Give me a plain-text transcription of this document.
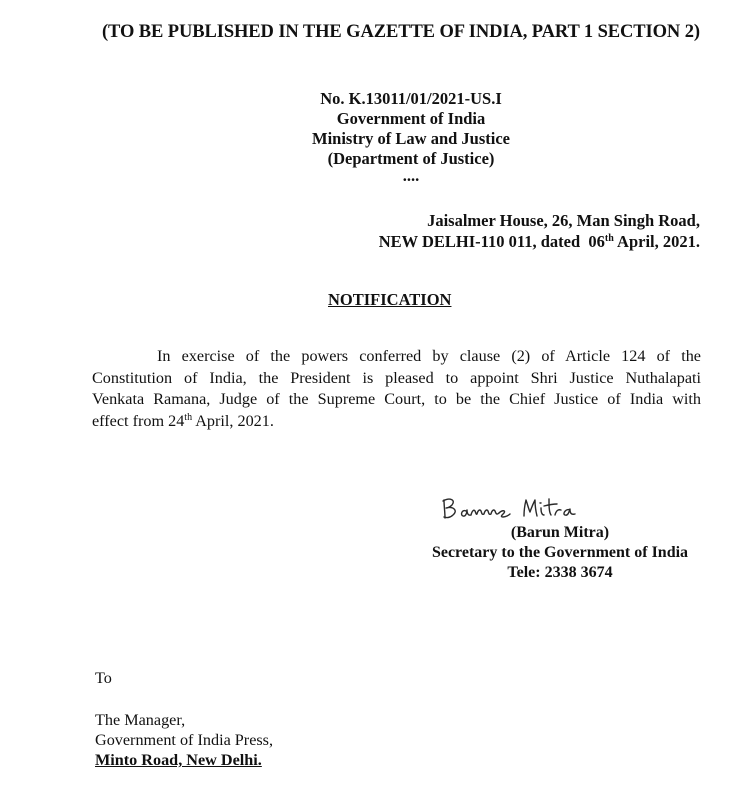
(TO BE PUBLISHED IN THE GAZETTE OF INDIA, PART 1 SECTION 2)
No. K.13011/01/2021-US.I
Government of India
Ministry of Law and Justice
(Department of Justice)
....
Jaisalmer House, 26, Man Singh Road,
NEW DELHI-110 011, dated  06th April, 2021.
NOTIFICATION
In exercise of the powers conferred by clause (2) of Article 124 of the
Constitution of India, the President is pleased to appoint Shri Justice Nuthalapati
Venkata Ramana, Judge of the Supreme Court, to be the Chief Justice of India with
effect from 24th April, 2021.
(Barun Mitra)
Secretary to the Government of India
Tele: 2338 3674
To
The Manager,
Government of India Press,
Minto Road, New Delhi.
